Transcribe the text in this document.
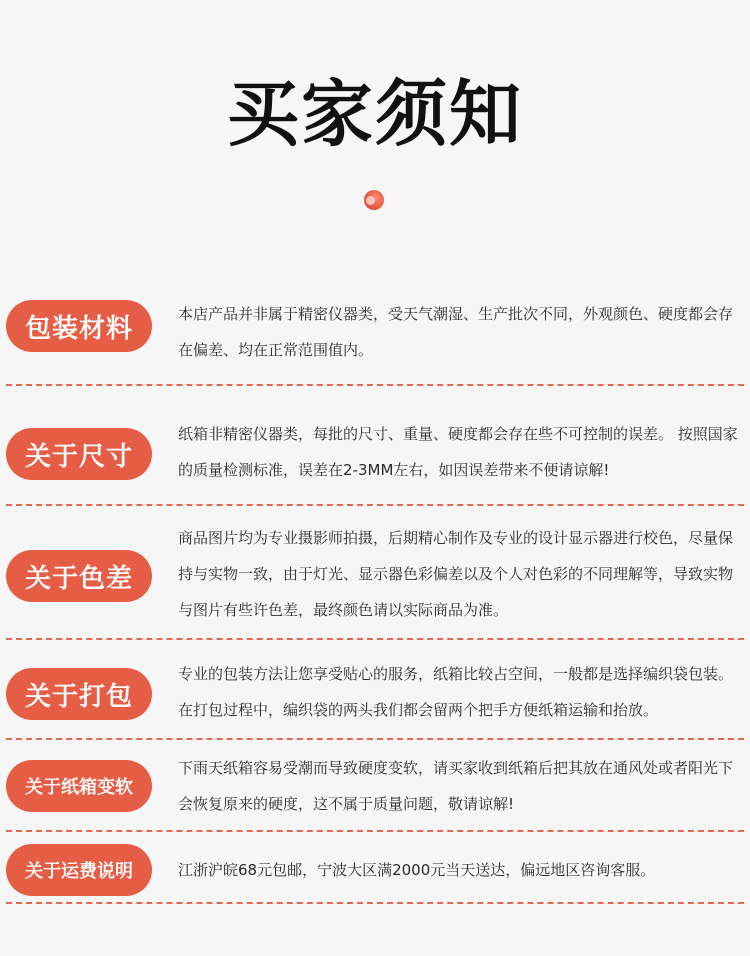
买家须知
包装材料	本店产品并非属于精密仪器类，受天气潮湿、生产批次不同，外观颜色、硬度都会存在偏差、均在正常范围值内。
关于尺寸
纸箱非精密仪器类，每批的尺寸、重量、硬度都会存在些不可控制的误差。 按照国家的质量检测标准，误差在2-3MM左右，如因误差带来不便请谅解!
关于色差
商品图片均为专业摄影师拍摄，后期精心制作及专业的设计显示器进行校色，尽量保持与实物一致，由于灯光、显示器色彩偏差以及个人对色彩的不同理解等，导致实物与图片有些许色差，最终颜色请以实际商品为准。
关于打包
专业的包装方法让您享受贴心的服务，纸箱比较占空间，一般都是选择编织袋包装。在打包过程中，编织袋的两头我们都会留两个把手方便纸箱运输和抬放。
关于纸箱变软
下雨天纸箱容易受潮而导致硬度变软，请买家收到纸箱后把其放在通风处或者阳光下会恢复原来的硬度，这不属于质量问题，敬请谅解!
关于运费说明	江浙沪皖68元包邮，宁波大区满2000元当天送达，偏远地区咨询客服。
